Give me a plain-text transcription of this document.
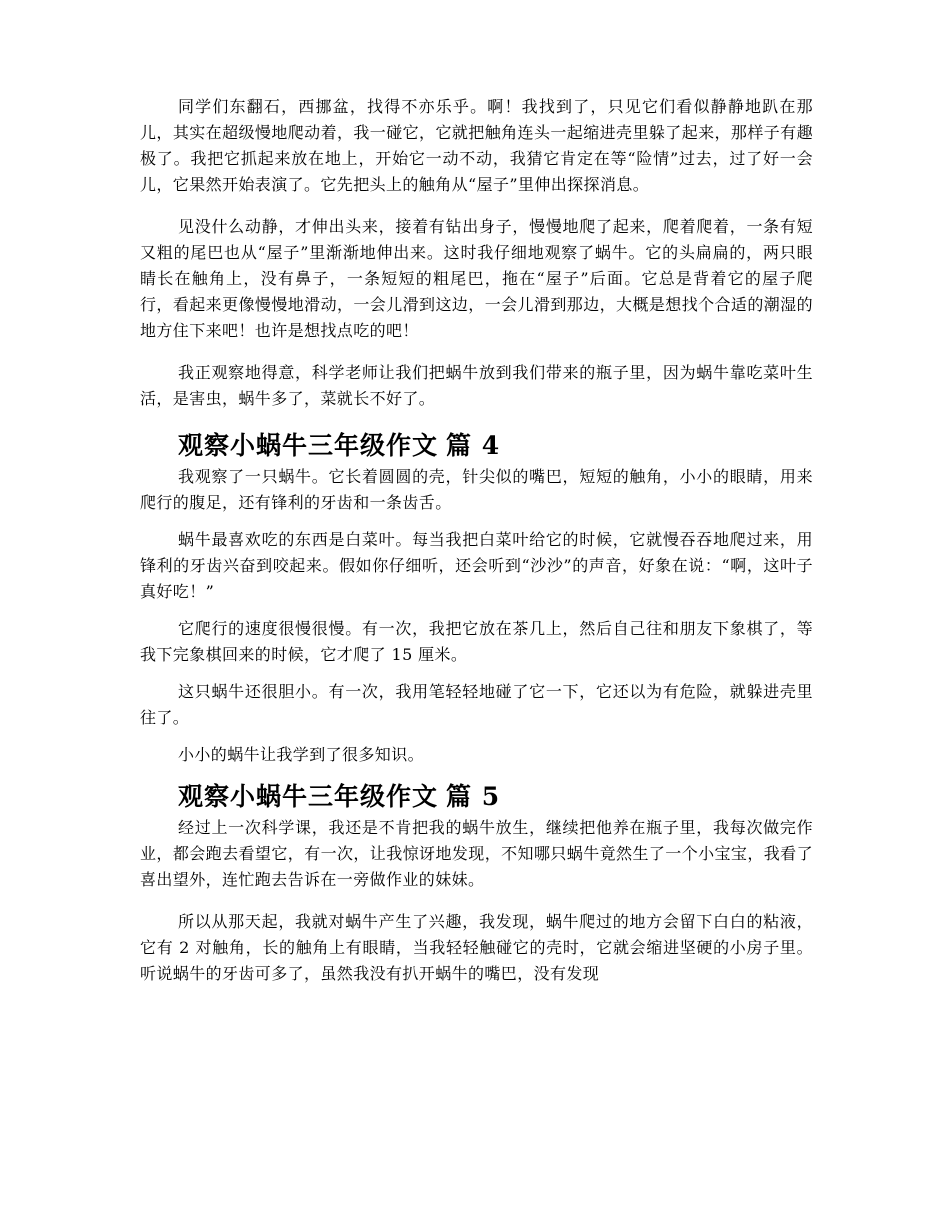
同学们东翻石，西挪盆，找得不亦乐乎。啊！我找到了，只见它们看似静静地趴在那儿，其实在超级慢地爬动着，我一碰它，它就把触角连头一起缩进壳里躲了起来，那样子有趣极了。我把它抓起来放在地上，开始它一动不动，我猜它肯定在等“险情”过去，过了好一会儿，它果然开始表演了。它先把头上的触角从“屋子”里伸出探探消息。

见没什么动静，才伸出头来，接着有钻出身子，慢慢地爬了起来，爬着爬着，一条有短又粗的尾巴也从“屋子”里渐渐地伸出来。这时我仔细地观察了蜗牛。它的头扁扁的，两只眼睛长在触角上，没有鼻子，一条短短的粗尾巴，拖在“屋子”后面。它总是背着它的屋子爬行，看起来更像慢慢地滑动，一会儿滑到这边，一会儿滑到那边，大概是想找个合适的潮湿的地方住下来吧！也许是想找点吃的吧！

我正观察地得意，科学老师让我们把蜗牛放到我们带来的瓶子里，因为蜗牛靠吃菜叶生活，是害虫，蜗牛多了，菜就长不好了。

观察小蜗牛三年级作文 篇 4

我观察了一只蜗牛。它长着圆圆的壳，针尖似的嘴巴，短短的触角，小小的眼睛，用来爬行的腹足，还有锋利的牙齿和一条齿舌。

蜗牛最喜欢吃的东西是白菜叶。每当我把白菜叶给它的时候，它就慢吞吞地爬过来，用锋利的牙齿兴奋到咬起来。假如你仔细听，还会听到“沙沙”的声音，好象在说：“啊，这叶子真好吃！”

它爬行的速度很慢很慢。有一次，我把它放在茶几上，然后自己往和朋友下象棋了，等我下完象棋回来的时候，它才爬了 15 厘米。

这只蜗牛还很胆小。有一次，我用笔轻轻地碰了它一下，它还以为有危险，就躲进壳里往了。

小小的蜗牛让我学到了很多知识。

观察小蜗牛三年级作文 篇 5

经过上一次科学课，我还是不肯把我的蜗牛放生，继续把他养在瓶子里，我每次做完作业，都会跑去看望它，有一次，让我惊讶地发现，不知哪只蜗牛竟然生了一个小宝宝，我看了喜出望外，连忙跑去告诉在一旁做作业的妹妹。

所以从那天起，我就对蜗牛产生了兴趣，我发现，蜗牛爬过的地方会留下白白的粘液，它有 2 对触角，长的触角上有眼睛，当我轻轻触碰它的壳时，它就会缩进坚硬的小房子里。听说蜗牛的牙齿可多了，虽然我没有扒开蜗牛的嘴巴，没有发现
